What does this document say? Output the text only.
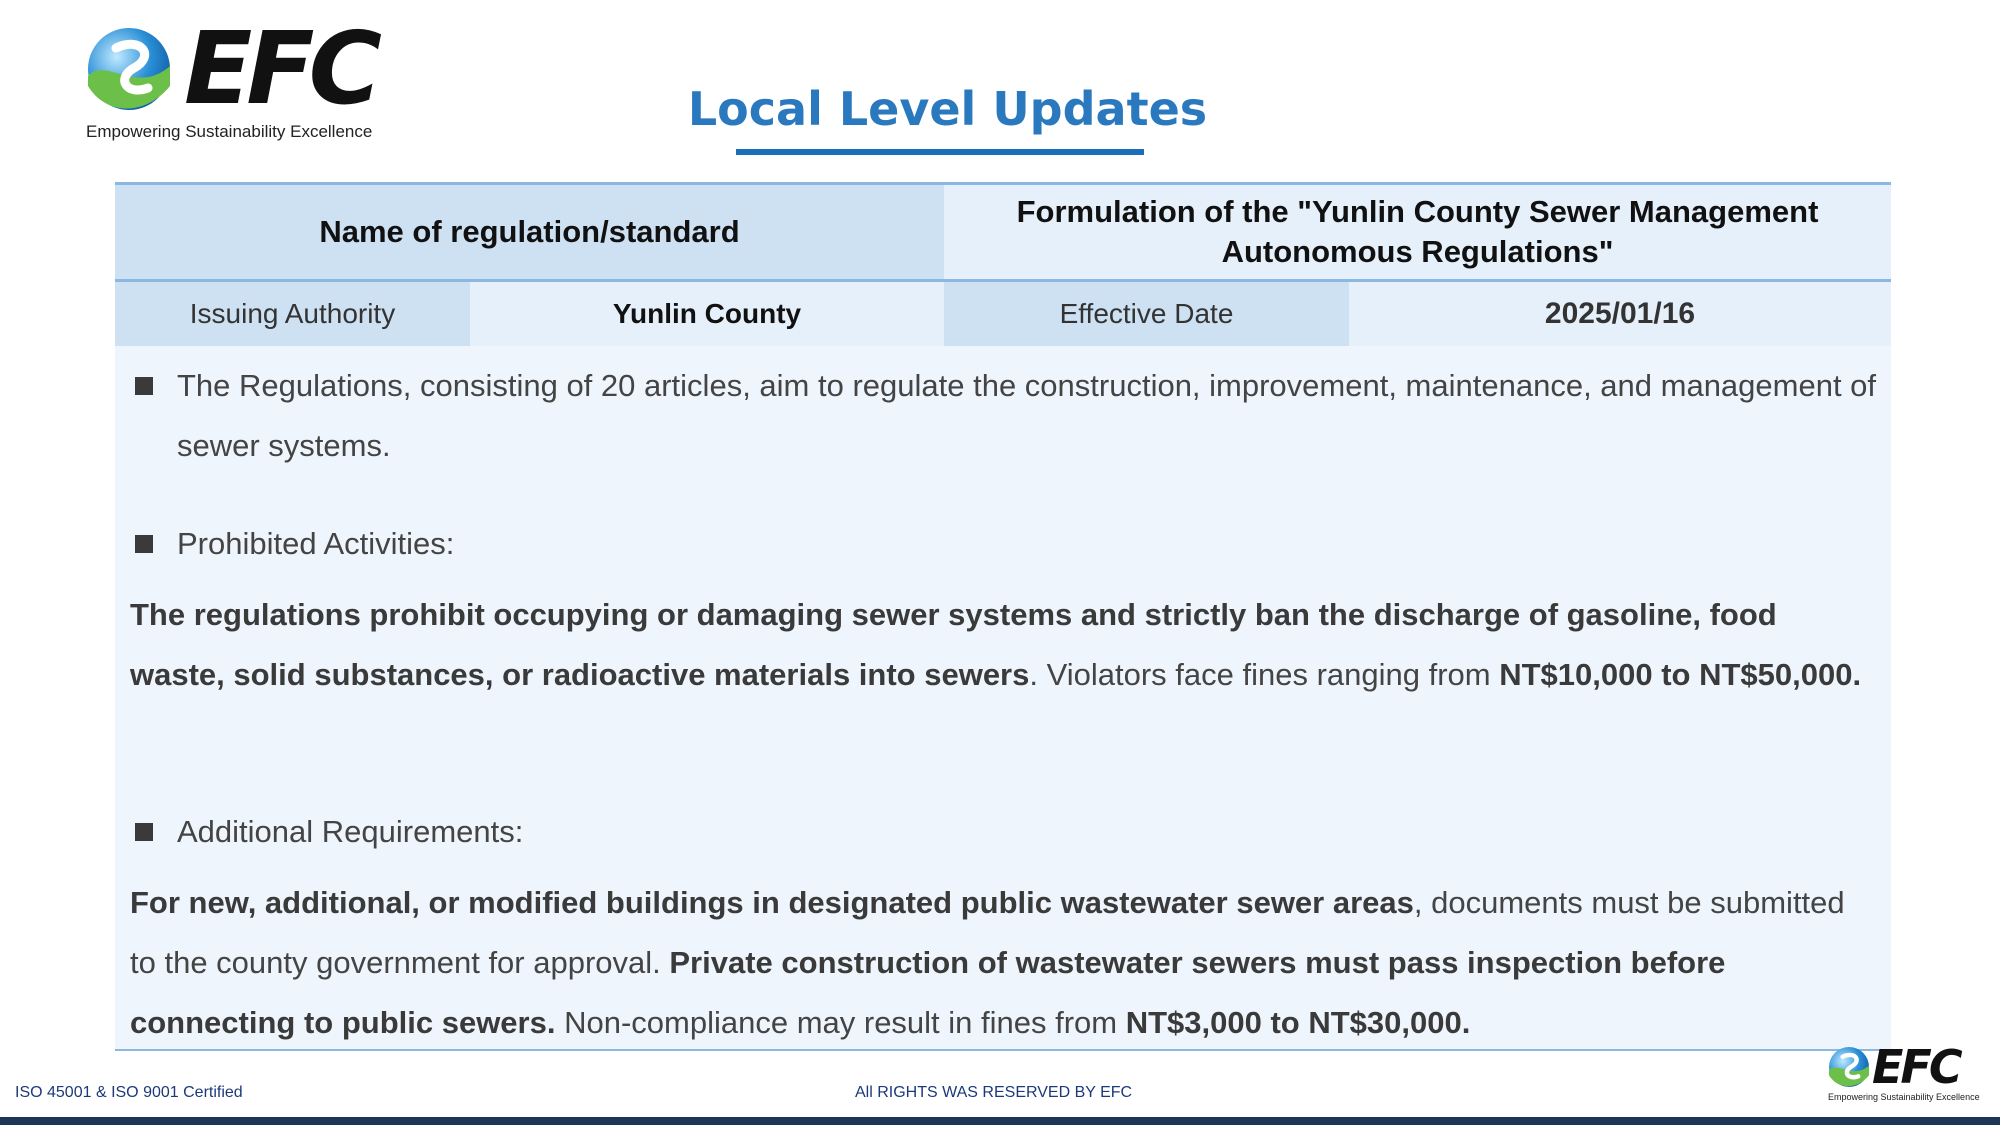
EFC
Empowering Sustainability Excellence	Local Level Updates
Name of regulation/standard
Formulation of the "Yunlin County Sewer Management Autonomous Regulations"
Issuing Authority	Yunlin County	Effective Date	2025/01/16
The Regulations, consisting of 20 articles, aim to regulate the construction, improvement, maintenance, and management of sewer systems.
Prohibited Activities:
The regulations prohibit occupying or damaging sewer systems and strictly ban the discharge of gasoline, food waste, solid substances, or radioactive materials into sewers. Violators face fines ranging from NT$10,000 to NT$50,000.
Additional Requirements:
For new, additional, or modified buildings in designated public wastewater sewer areas, documents must be submitted to the county government for approval. Private construction of wastewater sewers must pass inspection before connecting to public sewers. Non-compliance may result in fines from NT$3,000 to NT$30,000.
ISO 45001 & ISO 9001 Certified	All RIGHTS WAS RESERVED BY EFC	EFC
Empowering Sustainability Excellence
